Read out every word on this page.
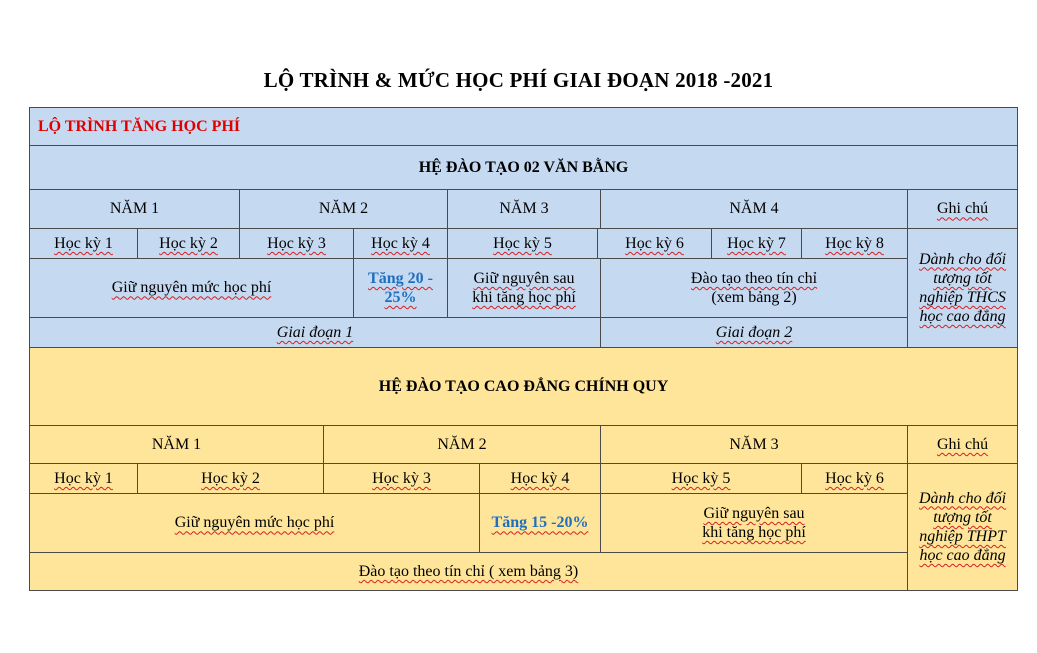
LỘ TRÌNH & MỨC HỌC PHÍ GIAI ĐOẠN 2018 -2021
LỘ TRÌNH TĂNG HỌC PHÍ											
HỆ ĐÀO TẠO 02 VĂN BẰNG											
NĂM 1		NĂM 2			NĂM 3			NĂM 4			Ghi chú
Học kỳ 1	Học kỳ 2	Học kỳ 3		Học kỳ 4	Học kỳ 5		Học kỳ 6		Học kỳ 7	Học kỳ 8	Dành cho đối tượng tốt nghiệp THCS học cao đẳng
Giữ nguyên mức học phí				Tăng 20 - 25%	Giữ nguyên sau
khi tăng học phí			Đào tạo theo tín chỉ
(xem bảng 2)			
Giai đoạn 1								Giai đoạn 2			
HỆ ĐÀO TẠO CAO ĐẲNG CHÍNH QUY											
NĂM 1			NĂM 2					NĂM 3			Ghi chú
Học kỳ 1	Học kỳ 2		Học kỳ 3			Học kỳ 4		Học kỳ 5		Học kỳ 6	Dành cho đối tượng tốt nghiệp THPT học cao đẳng
Giữ nguyên mức học phí						Tăng 15 -20%		Giữ nguyên sau
khi tăng học phí			
Đào tạo theo tín chỉ ( xem bảng 3)											
